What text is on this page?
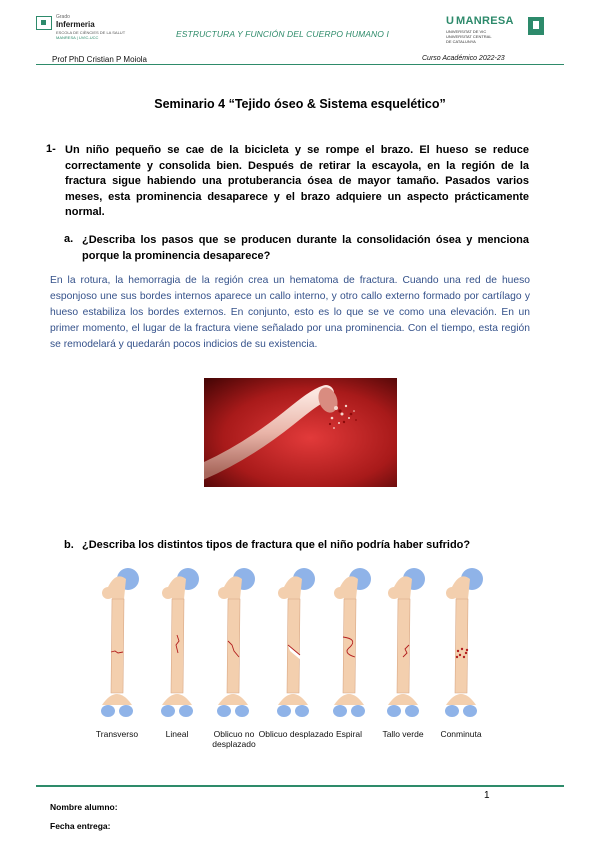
Grado
Infermeria
ESCOLA DE CIÈNCIES DE LA SALUT
MANRESA | UVIC-UCC	ESTRUCTURA Y FUNCIÓN DEL CUERPO HUMANO I
U MANRESA
UNIVERSITAT DE VIC
UNIVERSITAT CENTRAL
DE CATALUNYA
Prof PhD Cristian P Moiola	Curso Académico 2022-23
Seminario 4 “Tejido óseo & Sistema esquelético”
1- Un niño pequeño se cae de la bicicleta y se rompe el brazo. El hueso se reduce correctamente y consolida bien. Después de retirar la escayola, en la región de la fractura sigue habiendo una protuberancia ósea de mayor tamaño. Pasados varios meses, esta prominencia desaparece y el brazo adquiere un aspecto prácticamente normal.
a. ¿Describa los pasos que se producen durante la consolidación ósea y menciona porque la prominencia desaparece?
En la rotura, la hemorragia de la región crea un hematoma de fractura. Cuando una red de hueso esponjoso une sus bordes internos aparece un callo interno, y otro callo externo formado por cartílago y hueso estabiliza los bordes externos. En conjunto, esto es lo que se ve como una elevación. En un primer momento, el lugar de la fractura viene señalado por una prominencia. Con el tiempo, esta región se remodelará y quedarán pocos indicios de su existencia.
b. ¿Describa los distintos tipos de fractura que el niño podría haber sufrido?
Transverso	Lineal	Oblicuo no desplazado
Oblicuo desplazado Espiral	Tallo verde	Conminuta
1
Nombre alumno:
Fecha entrega:
